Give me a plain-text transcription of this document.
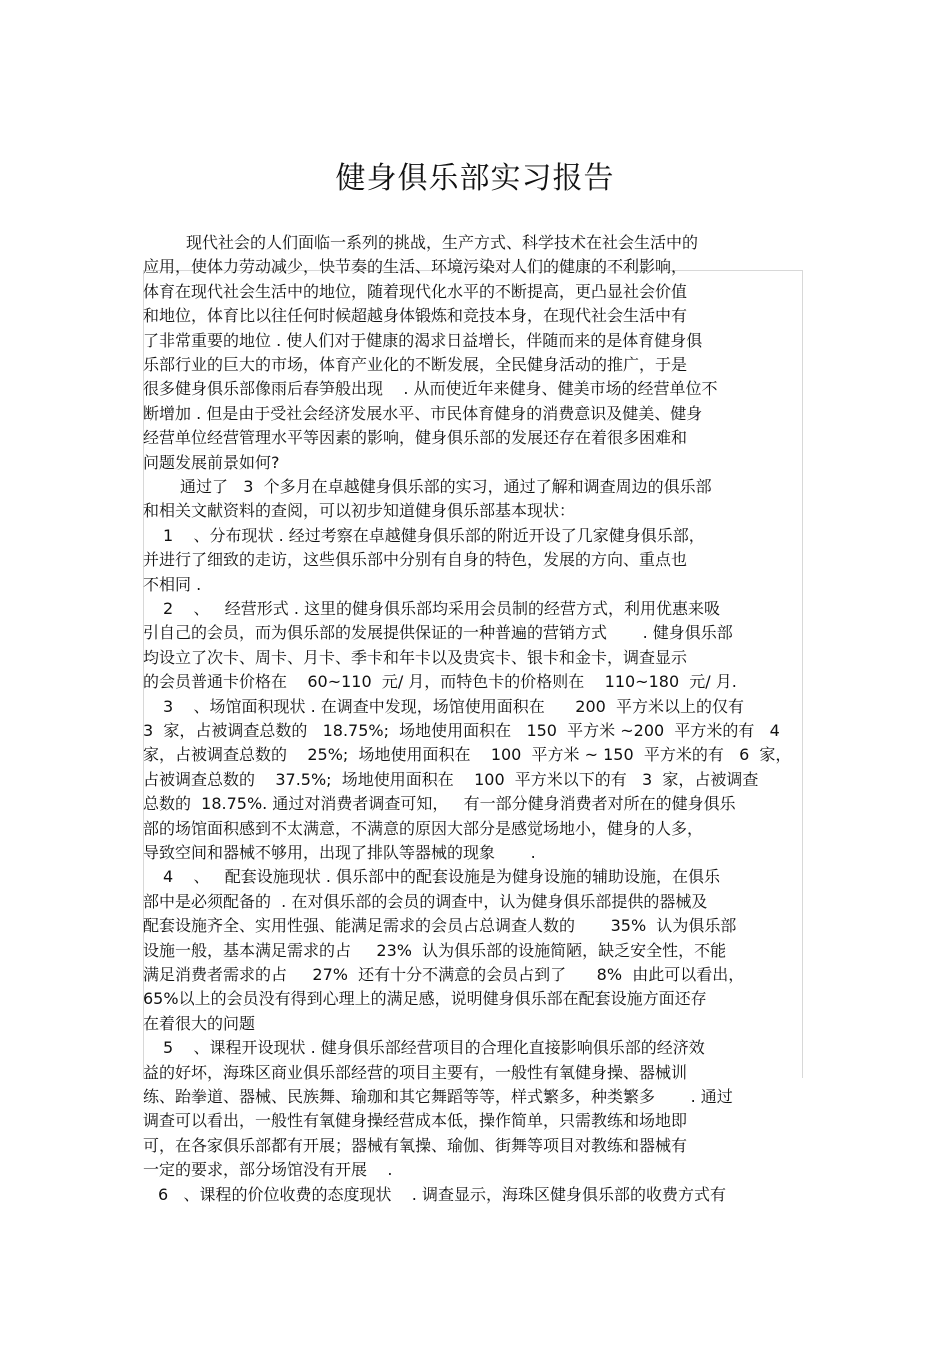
健身俱乐部实习报告
现代社会的人们面临一系列的挑战，生产方式、科学技术在社会生活中的
应用，使体力劳动减少，快节奏的生活、环境污染对人们的健康的不利影响，
体育在现代社会生活中的地位，随着现代化水平的不断提高，更凸显社会价值
和地位，体育比以往任何时候超越身体锻炼和竞技本身，在现代社会生活中有
了非常重要的地位 . 使人们对于健康的渴求日益增长，伴随而来的是体育健身俱
乐部行业的巨大的市场，体育产业化的不断发展，全民健身活动的推广，于是
很多健身俱乐部像雨后春笋般出现    . 从而使近年来健身、健美市场的经营单位不
断增加 . 但是由于受社会经济发展水平、市民体育健身的消费意识及健美、健身
经营单位经营管理水平等因素的影响，健身俱乐部的发展还存在着很多困难和
问题发展前景如何?
通过了   3  个多月在卓越健身俱乐部的实习，通过了解和调查周边的俱乐部
和相关文献资料的查阅，可以初步知道健身俱乐部基本现状：
1    、分布现状 . 经过考察在卓越健身俱乐部的附近开设了几家健身俱乐部，
并进行了细致的走访，这些俱乐部中分别有自身的特色，发展的方向、重点也
不相同 .
2    、   经营形式 . 这里的健身俱乐部均采用会员制的经营方式，利用优惠来吸
引自己的会员，而为俱乐部的发展提供保证的一种普遍的营销方式       . 健身俱乐部
均设立了次卡、周卡、月卡、季卡和年卡以及贵宾卡、银卡和金卡，调查显示
的会员普通卡价格在    60~110  元/ 月，而特色卡的价格则在    110~180  元/ 月.
3    、场馆面积现状 . 在调查中发现，场馆使用面积在      200  平方米以上的仅有
3  家，占被调查总数的   18.75%;  场地使用面积在   150  平方米 ~200  平方米的有   4
家，占被调查总数的    25%;  场地使用面积在    100  平方米 ~ 150  平方米的有   6  家，
占被调查总数的    37.5%;  场地使用面积在    100  平方米以下的有   3  家，占被调查
总数的  18.75%. 通过对消费者调查可知，   有一部分健身消费者对所在的健身俱乐
部的场馆面积感到不太满意，不满意的原因大部分是感觉场地小，健身的人多，
导致空间和器械不够用，出现了排队等器械的现象       .
4    、   配套设施现状 . 俱乐部中的配套设施是为健身设施的辅助设施，在俱乐
部中是必须配备的  . 在对俱乐部的会员的调查中，认为健身俱乐部提供的器械及
配套设施齐全、实用性强、能满足需求的会员占总调查人数的       35%  认为俱乐部
设施一般，基本满足需求的占     23%  认为俱乐部的设施简陋，缺乏安全性，不能
满足消费者需求的占     27%  还有十分不满意的会员占到了      8%  由此可以看出，
65%以上的会员没有得到心理上的满足感，说明健身俱乐部在配套设施方面还存
在着很大的问题
5    、课程开设现状 . 健身俱乐部经营项目的合理化直接影响俱乐部的经济效
益的好坏，海珠区商业俱乐部经营的项目主要有，一般性有氧健身操、器械训
练、跆拳道、器械、民族舞、瑜珈和其它舞蹈等等，样式繁多，种类繁多       . 通过
调查可以看出，一般性有氧健身操经营成本低，操作简单，只需教练和场地即
可，在各家俱乐部都有开展；器械有氧操、瑜伽、街舞等项目对教练和器械有
一定的要求，部分场馆没有开展    .
6   、课程的价位收费的态度现状    . 调查显示，海珠区健身俱乐部的收费方式有
